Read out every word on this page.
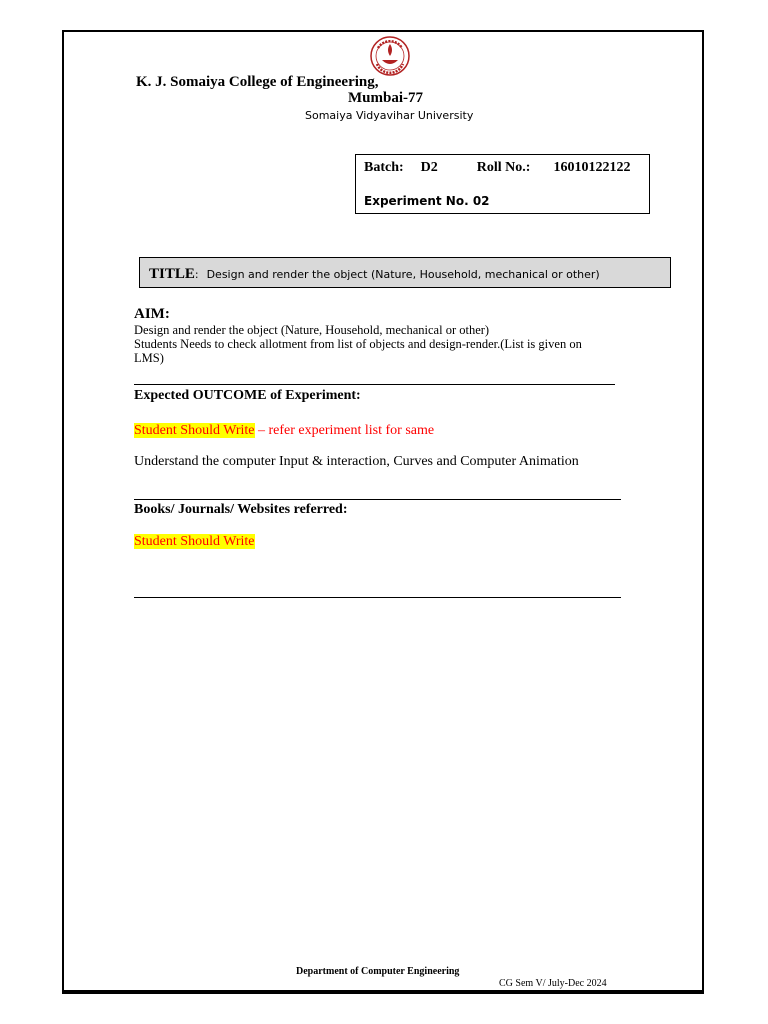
K. J. Somaiya College of Engineering,
Mumbai-77
Somaiya Vidyavihar University
Batch: D2	Roll No.: 16010122122
Experiment No. 02
TITLE: Design and render the object (Nature, Household, mechanical or other)
AIM:
Design and render the object (Nature, Household, mechanical or other)
Students Needs to check allotment from list of objects and design-render.(List is given on LMS)
Expected OUTCOME of Experiment:
Student Should Write – refer experiment list for same
Understand the computer Input & interaction, Curves and Computer Animation
Books/ Journals/ Websites referred:
Student Should Write
Department of Computer Engineering
CG Sem V/ July-Dec 2024
